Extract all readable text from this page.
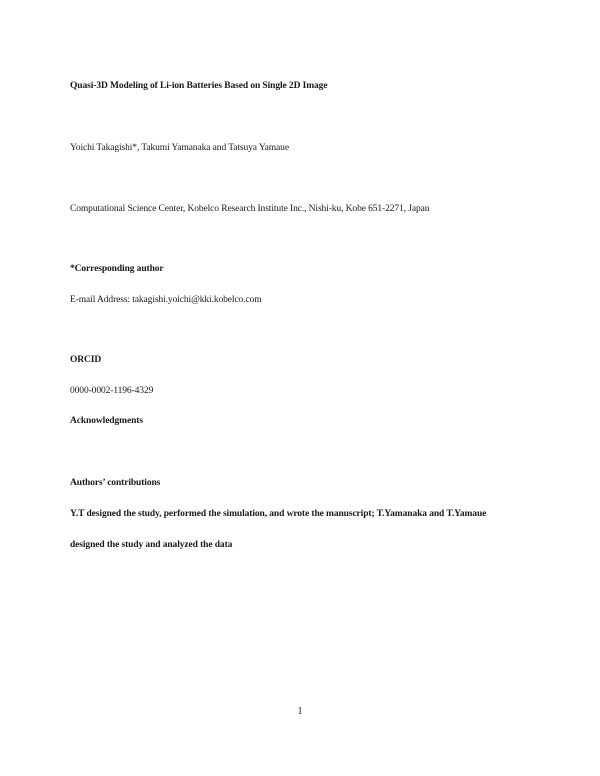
Quasi-3D Modeling of Li-ion Batteries Based on Single 2D Image
Yoichi Takagishi*, Takumi Yamanaka and Tatsuya Yamaue
Computational Science Center, Kobelco Research Institute Inc., Nishi-ku, Kobe 651-2271, Japan
*Corresponding author
E-mail Address: takagishi.yoichi@kki.kobelco.com
ORCID
0000-0002-1196-4329
Acknowledgments
Authors’ contributions
Y.T designed the study, performed the simulation, and wrote the manuscript; T.Yamanaka and T.Yamaue
designed the study and analyzed the data
1
